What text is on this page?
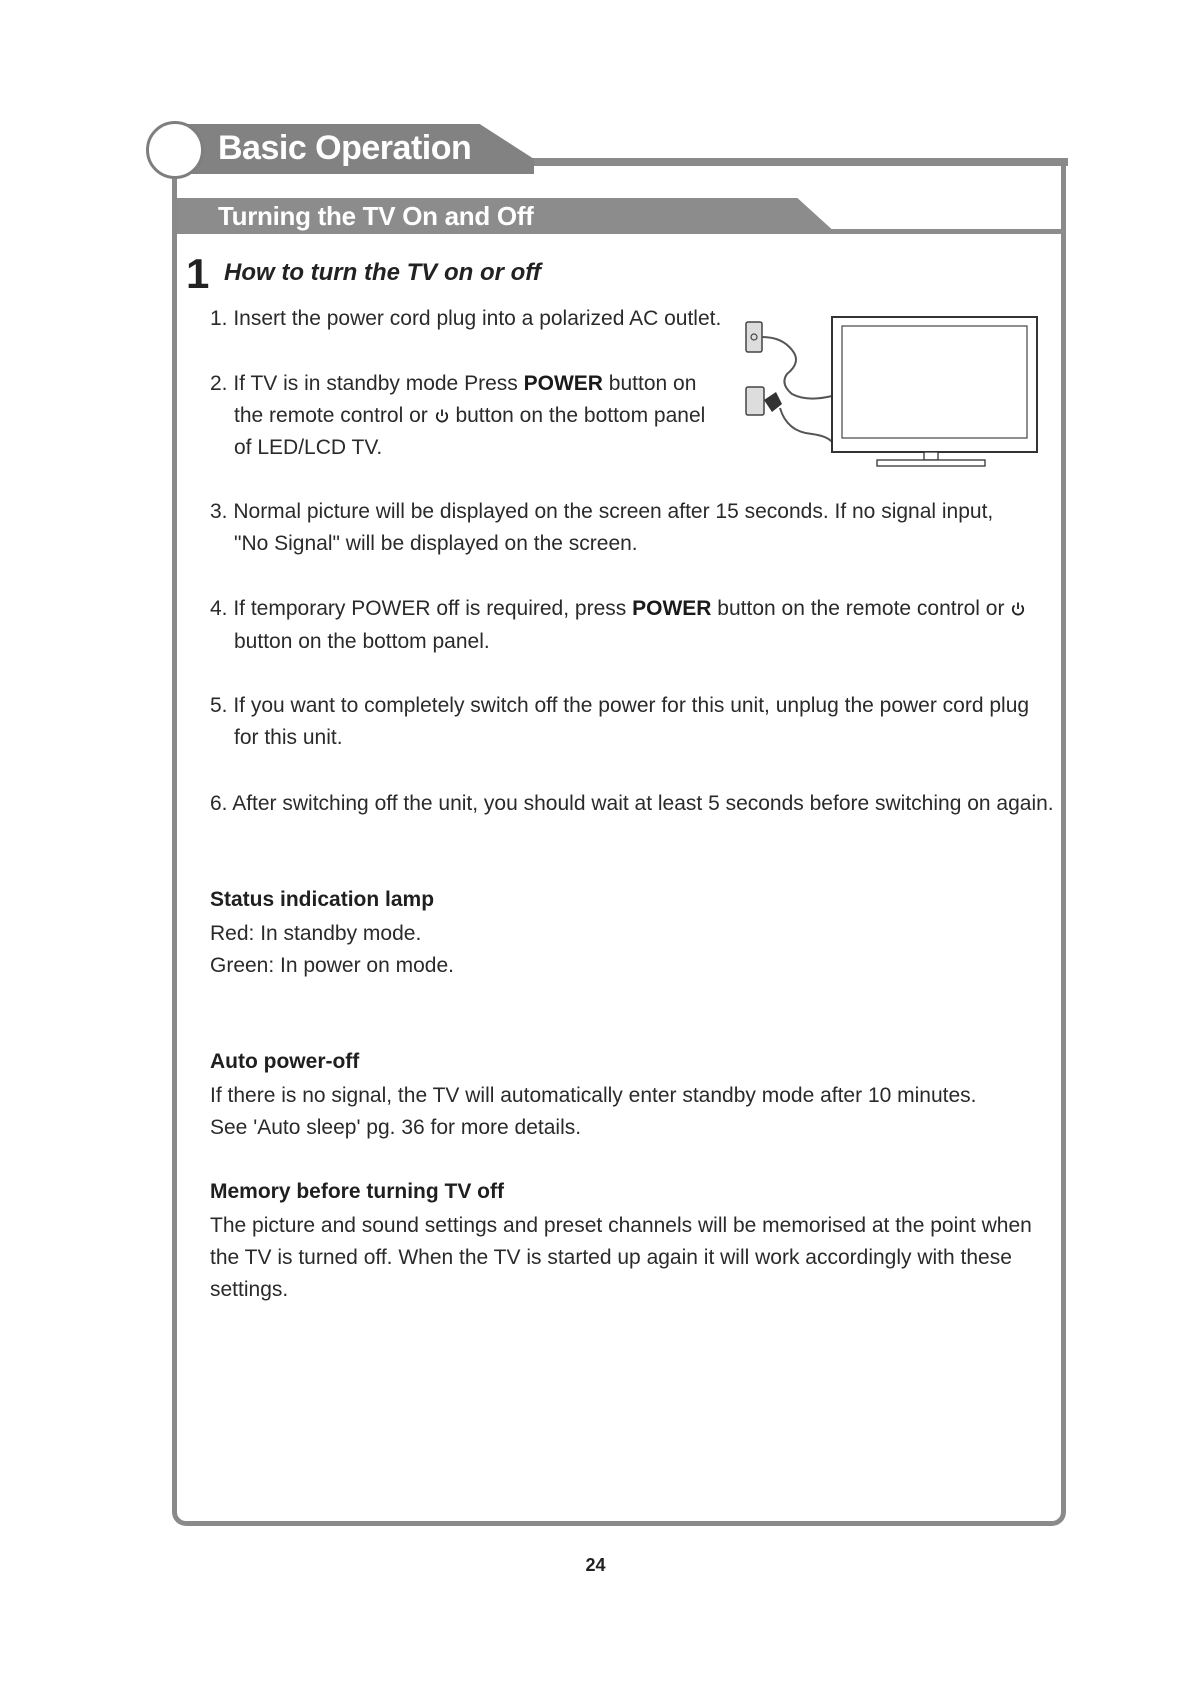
Basic Operation
Turning the TV On and Off
1 How to turn the TV on or off
1. Insert the power cord plug into a polarized AC outlet.
2. If TV is in standby mode Press POWER button on
the remote control or button on the bottom panel
of LED/LCD TV.
3. Normal picture will be displayed on the screen after 15 seconds. If no signal input,
"No Signal" will be displayed on the screen.
4. If temporary POWER off is required, press POWER button on the remote control or
button on the bottom panel.
5. If you want to completely switch off the power for this unit, unplug the power cord plug
for this unit.
6. After switching off the unit, you should wait at least 5 seconds before switching on again.
Status indication lamp
Red: In standby mode.
Green: In power on mode.
Auto power-off
If there is no signal, the TV will automatically enter standby mode after 10 minutes.
See 'Auto sleep' pg. 36 for more details.
Memory before turning TV off
The picture and sound settings and preset channels will be memorised at the point when
the TV is turned off. When the TV is started up again it will work accordingly with these
settings.
24
